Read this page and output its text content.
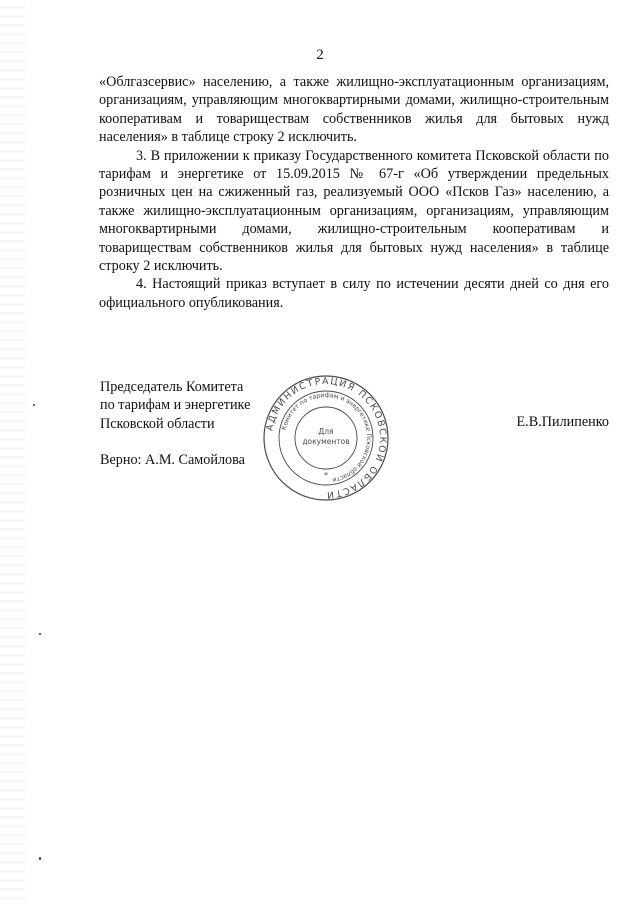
2

«Облгазсервис» населению, а также жилищно-эксплуатационным организациям, организациям, управляющим многоквартирными домами, жилищно-строительным кооперативам и товариществам собственников жилья для бытовых нужд населения» в таблице строку 2 исключить.

3. В приложении к приказу Государственного комитета Псковской области по тарифам и энергетике от 15.09.2015 № 67-г «Об утверждении предельных розничных цен на сжиженный газ, реализуемый ООО «Псков Газ» населению, а также жилищно-эксплуатационным организациям, организациям, управляющим многоквартирными домами, жилищно-строительным кооперативам и товариществам собственников жилья для бытовых нужд населения» в таблице строку 2 исключить.

4. Настоящий приказ вступает в силу по истечении десяти дней со дня его официального опубликования.

Председатель Комитета
по тарифам и энергетике
Псковской области
Верно: А.М. Самойлова
Е.В.Пилипенко
АДМИНИСТРАЦИЯ ПСКОВСКОЙ ОБЛАСТИ
Комитет по тарифам и энергетике Псковской области
Для
документов
*
